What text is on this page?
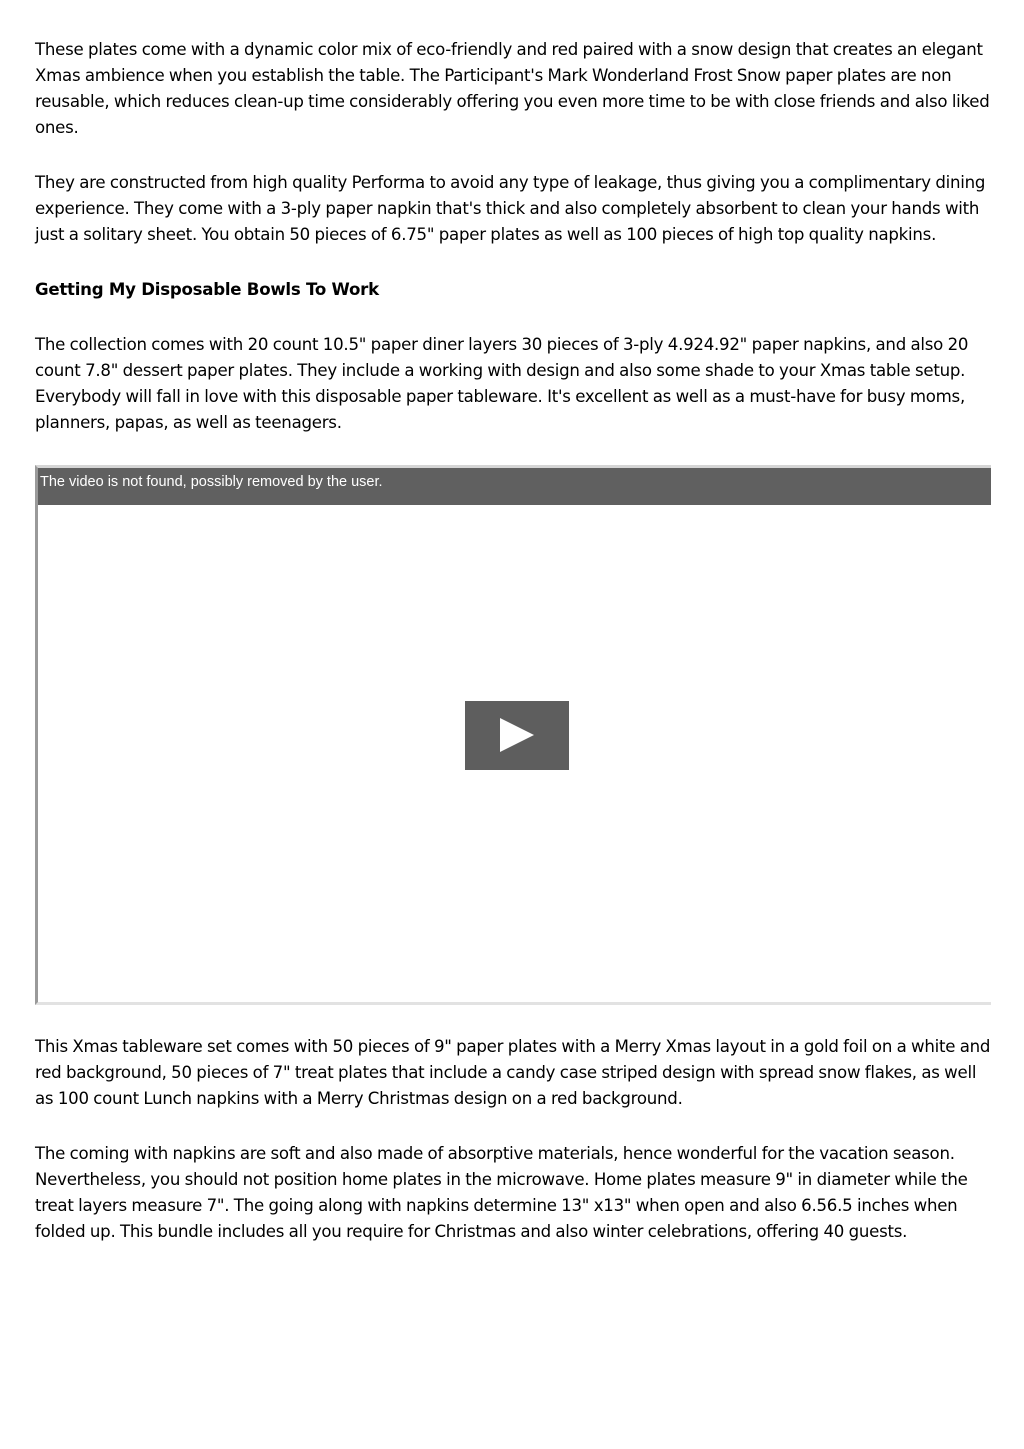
These plates come with a dynamic color mix of eco-friendly and red paired with a snow design that creates an elegant Xmas ambience when you establish the table. The Participant's Mark Wonderland Frost Snow paper plates are non reusable, which reduces clean-up time considerably offering you even more time to be with close friends and also liked ones.

They are constructed from high quality Performa to avoid any type of leakage, thus giving you a complimentary dining experience. They come with a 3-ply paper napkin that's thick and also completely absorbent to clean your hands with just a solitary sheet. You obtain 50 pieces of 6.75" paper plates as well as 100 pieces of high top quality napkins.

Getting My Disposable Bowls To Work

The collection comes with 20 count 10.5" paper diner layers 30 pieces of 3-ply 4.924.92" paper napkins, and also 20 count 7.8" dessert paper plates. They include a working with design and also some shade to your Xmas table setup. Everybody will fall in love with this disposable paper tableware. It's excellent as well as a must-have for busy moms, planners, papas, as well as teenagers.

The video is not found, possibly removed by the user.

This Xmas tableware set comes with 50 pieces of 9" paper plates with a Merry Xmas layout in a gold foil on a white and red background, 50 pieces of 7" treat plates that include a candy case striped design with spread snow flakes, as well as 100 count Lunch napkins with a Merry Christmas design on a red background.

The coming with napkins are soft and also made of absorptive materials, hence wonderful for the vacation season. Nevertheless, you should not position home plates in the microwave. Home plates measure 9" in diameter while the treat layers measure 7". The going along with napkins determine 13" x13" when open and also 6.56.5 inches when folded up. This bundle includes all you require for Christmas and also winter celebrations, offering 40 guests.
